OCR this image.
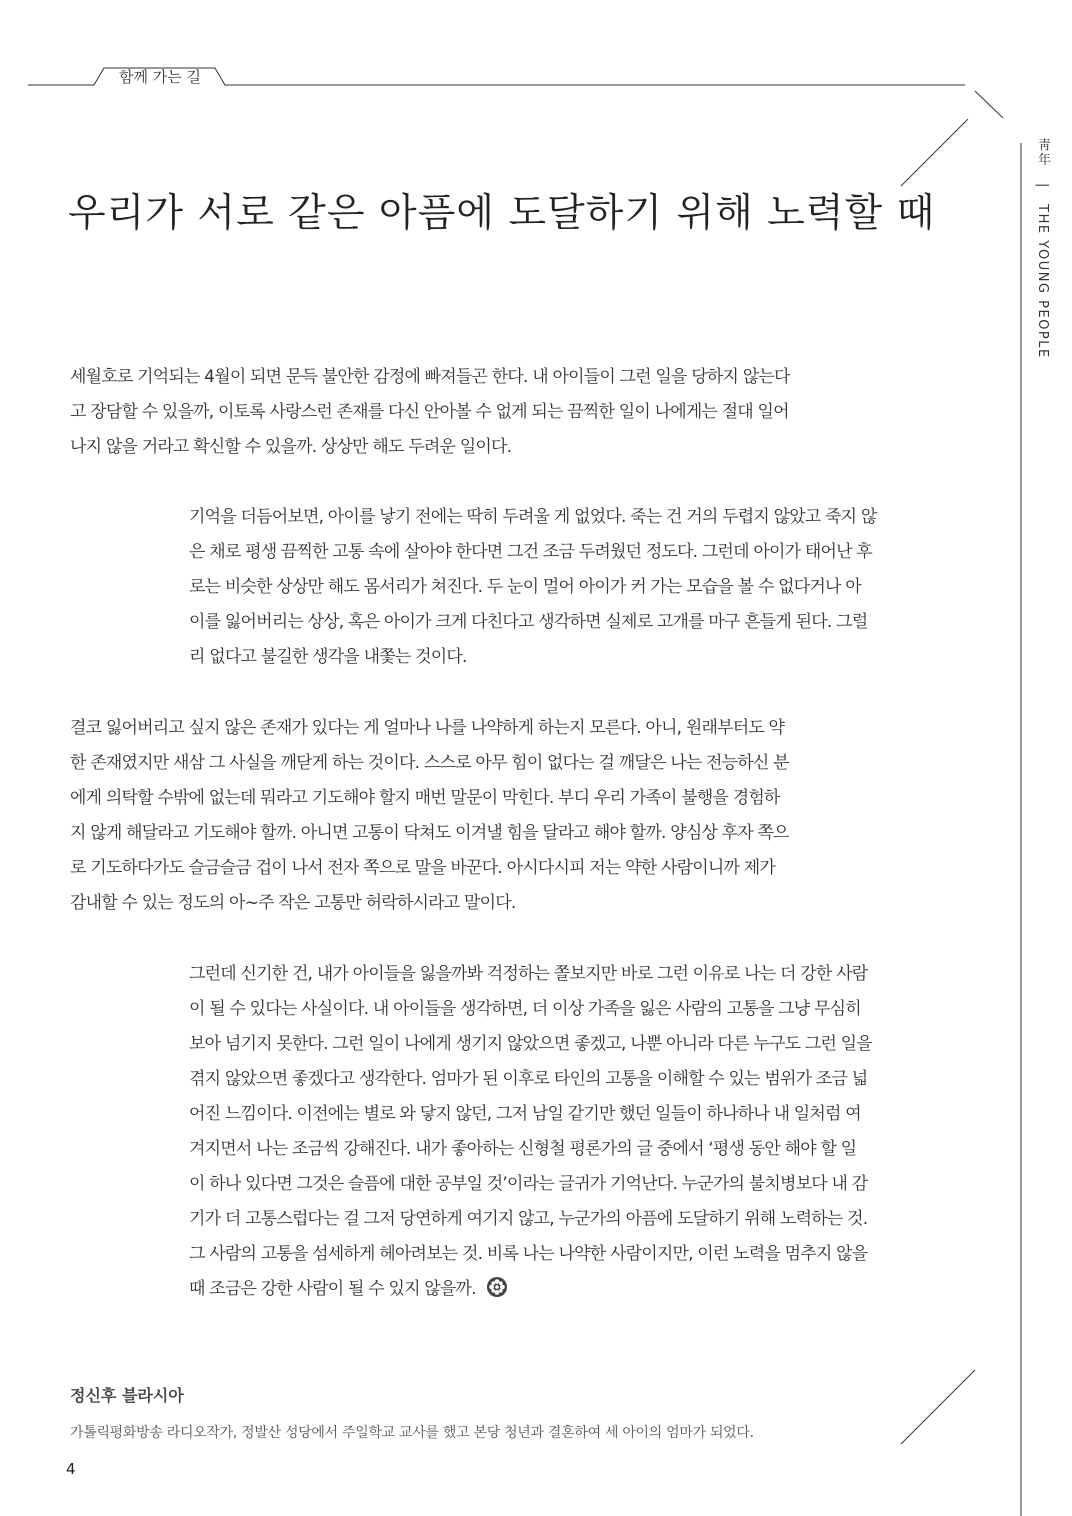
함께 가는 길
靑年 | THE YOUNG PEOPLE
우리가 서로 같은 아픔에 도달하기 위해 노력할 때

세월호로 기억되는 4월이 되면 문득 불안한 감정에 빠져들곤 한다. 내 아이들이 그런 일을 당하지 않는다
고 장담할 수 있을까, 이토록 사랑스런 존재를 다신 안아볼 수 없게 되는 끔찍한 일이 나에게는 절대 일어
나지 않을 거라고 확신할 수 있을까. 상상만 해도 두려운 일이다.

기억을 더듬어보면, 아이를 낳기 전에는 딱히 두려울 게 없었다. 죽는 건 거의 두렵지 않았고 죽지 않
은 채로 평생 끔찍한 고통 속에 살아야 한다면 그건 조금 두려웠던 정도다. 그런데 아이가 태어난 후
로는 비슷한 상상만 해도 몸서리가 쳐진다. 두 눈이 멀어 아이가 커 가는 모습을 볼 수 없다거나 아
이를 잃어버리는 상상, 혹은 아이가 크게 다친다고 생각하면 실제로 고개를 마구 흔들게 된다. 그럴
리 없다고 불길한 생각을 내쫓는 것이다.

결코 잃어버리고 싶지 않은 존재가 있다는 게 얼마나 나를 나약하게 하는지 모른다. 아니, 원래부터도 약
한 존재였지만 새삼 그 사실을 깨닫게 하는 것이다. 스스로 아무 힘이 없다는 걸 깨달은 나는 전능하신 분
에게 의탁할 수밖에 없는데 뭐라고 기도해야 할지 매번 말문이 막힌다. 부디 우리 가족이 불행을 경험하
지 않게 해달라고 기도해야 할까. 아니면 고통이 닥쳐도 이겨낼 힘을 달라고 해야 할까. 양심상 후자 쪽으
로 기도하다가도 슬금슬금 겁이 나서 전자 쪽으로 말을 바꾼다. 아시다시피 저는 약한 사람이니까 제가
감내할 수 있는 정도의 아~주 작은 고통만 허락하시라고 말이다.

그런데 신기한 건, 내가 아이들을 잃을까봐 걱정하는 쫄보지만 바로 그런 이유로 나는 더 강한 사람
이 될 수 있다는 사실이다. 내 아이들을 생각하면, 더 이상 가족을 잃은 사람의 고통을 그냥 무심히
보아 넘기지 못한다. 그런 일이 나에게 생기지 않았으면 좋겠고, 나뿐 아니라 다른 누구도 그런 일을
겪지 않았으면 좋겠다고 생각한다. 엄마가 된 이후로 타인의 고통을 이해할 수 있는 범위가 조금 넓
어진 느낌이다. 이전에는 별로 와 닿지 않던, 그저 남일 같기만 했던 일들이 하나하나 내 일처럼 여
겨지면서 나는 조금씩 강해진다. 내가 좋아하는 신형철 평론가의 글 중에서 ‘평생 동안 해야 할 일
이 하나 있다면 그것은 슬픔에 대한 공부일 것’이라는 글귀가 기억난다. 누군가의 불치병보다 내 감
기가 더 고통스럽다는 걸 그저 당연하게 여기지 않고, 누군가의 아픔에 도달하기 위해 노력하는 것.
그 사람의 고통을 섬세하게 헤아려보는 것. 비록 나는 나약한 사람이지만, 이런 노력을 멈추지 않을
때 조금은 강한 사람이 될 수 있지 않을까.

정신후 블라시아
가톨릭평화방송 라디오작가, 정발산 성당에서 주일학교 교사를 했고 본당 청년과 결혼하여 세 아이의 엄마가 되었다.
4
